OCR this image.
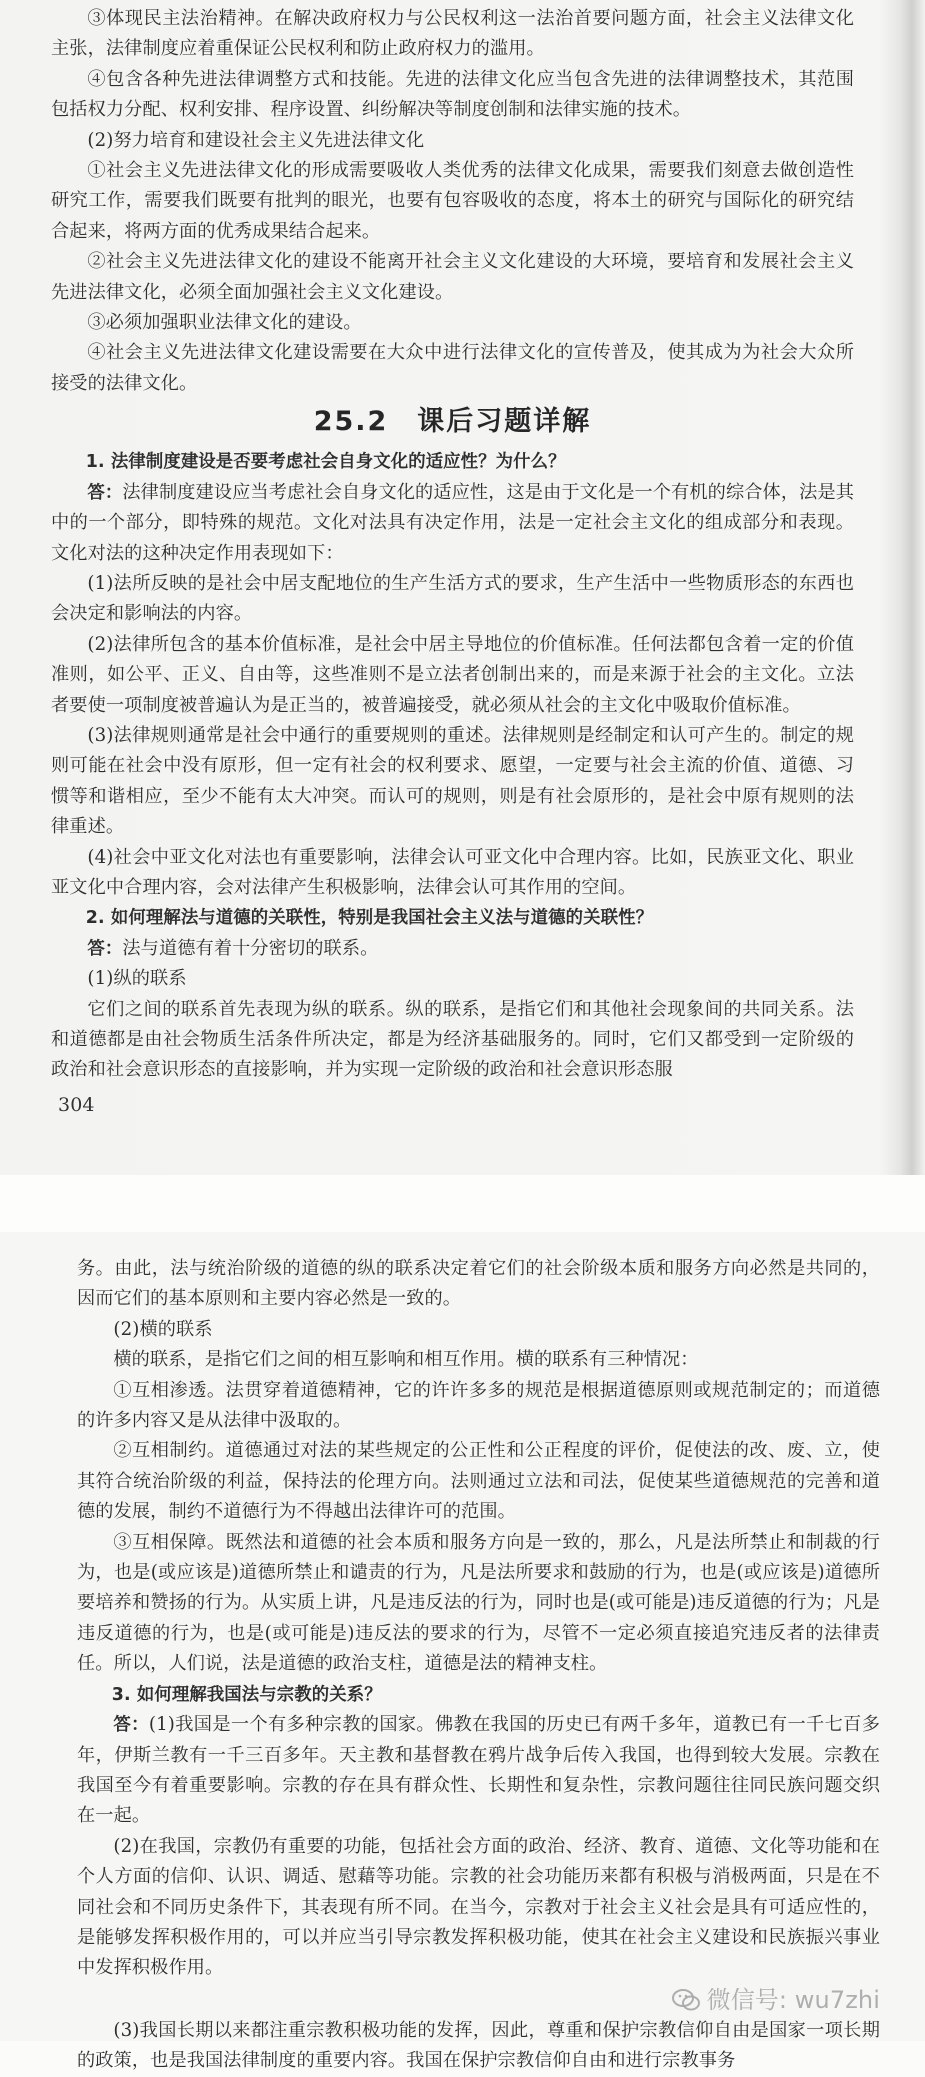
③体现民主法治精神。在解决政府权力与公民权利这一法治首要问题方面，社会主义法律文化主张，法律制度应着重保证公民权利和防止政府权力的滥用。

④包含各种先进法律调整方式和技能。先进的法律文化应当包含先进的法律调整技术，其范围包括权力分配、权利安排、程序设置、纠纷解决等制度创制和法律实施的技术。

(2)努力培育和建设社会主义先进法律文化

①社会主义先进法律文化的形成需要吸收人类优秀的法律文化成果，需要我们刻意去做创造性研究工作，需要我们既要有批判的眼光，也要有包容吸收的态度，将本土的研究与国际化的研究结合起来，将两方面的优秀成果结合起来。

②社会主义先进法律文化的建设不能离开社会主义文化建设的大环境，要培育和发展社会主义先进法律文化，必须全面加强社会主义文化建设。

③必须加强职业法律文化的建设。

④社会主义先进法律文化建设需要在大众中进行法律文化的宣传普及，使其成为为社会大众所接受的法律文化。

25.2　课后习题详解

1. 法律制度建设是否要考虑社会自身文化的适应性？为什么？

答：法律制度建设应当考虑社会自身文化的适应性，这是由于文化是一个有机的综合体，法是其中的一个部分，即特殊的规范。文化对法具有决定作用，法是一定社会主文化的组成部分和表现。文化对法的这种决定作用表现如下：

(1)法所反映的是社会中居支配地位的生产生活方式的要求，生产生活中一些物质形态的东西也会决定和影响法的内容。

(2)法律所包含的基本价值标准，是社会中居主导地位的价值标准。任何法都包含着一定的价值准则，如公平、正义、自由等，这些准则不是立法者创制出来的，而是来源于社会的主文化。立法者要使一项制度被普遍认为是正当的，被普遍接受，就必须从社会的主文化中吸取价值标准。

(3)法律规则通常是社会中通行的重要规则的重述。法律规则是经制定和认可产生的。制定的规则可能在社会中没有原形，但一定有社会的权利要求、愿望，一定要与社会主流的价值、道德、习惯等和谐相应，至少不能有太大冲突。而认可的规则，则是有社会原形的，是社会中原有规则的法律重述。

(4)社会中亚文化对法也有重要影响，法律会认可亚文化中合理内容。比如，民族亚文化、职业亚文化中合理内容，会对法律产生积极影响，法律会认可其作用的空间。

2. 如何理解法与道德的关联性，特别是我国社会主义法与道德的关联性？

答：法与道德有着十分密切的联系。

(1)纵的联系

它们之间的联系首先表现为纵的联系。纵的联系，是指它们和其他社会现象间的共同关系。法和道德都是由社会物质生活条件所决定，都是为经济基础服务的。同时，它们又都受到一定阶级的政治和社会意识形态的直接影响，并为实现一定阶级的政治和社会意识形态服

304

务。由此，法与统治阶级的道德的纵的联系决定着它们的社会阶级本质和服务方向必然是共同的，因而它们的基本原则和主要内容必然是一致的。

(2)横的联系

横的联系，是指它们之间的相互影响和相互作用。横的联系有三种情况：

①互相渗透。法贯穿着道德精神，它的许许多多的规范是根据道德原则或规范制定的；而道德的许多内容又是从法律中汲取的。

②互相制约。道德通过对法的某些规定的公正性和公正程度的评价，促使法的改、废、立，使其符合统治阶级的利益，保持法的伦理方向。法则通过立法和司法，促使某些道德规范的完善和道德的发展，制约不道德行为不得越出法律许可的范围。

③互相保障。既然法和道德的社会本质和服务方向是一致的，那么，凡是法所禁止和制裁的行为，也是(或应该是)道德所禁止和谴责的行为，凡是法所要求和鼓励的行为，也是(或应该是)道德所要培养和赞扬的行为。从实质上讲，凡是违反法的行为，同时也是(或可能是)违反道德的行为；凡是违反道德的行为，也是(或可能是)违反法的要求的行为，尽管不一定必须直接追究违反者的法律责任。所以，人们说，法是道德的政治支柱，道德是法的精神支柱。

3. 如何理解我国法与宗教的关系？

答：(1)我国是一个有多种宗教的国家。佛教在我国的历史已有两千多年，道教已有一千七百多年，伊斯兰教有一千三百多年。天主教和基督教在鸦片战争后传入我国，也得到较大发展。宗教在我国至今有着重要影响。宗教的存在具有群众性、长期性和复杂性，宗教问题往往同民族问题交织在一起。

(2)在我国，宗教仍有重要的功能，包括社会方面的政治、经济、教育、道德、文化等功能和在个人方面的信仰、认识、调适、慰藉等功能。宗教的社会功能历来都有积极与消极两面，只是在不同社会和不同历史条件下，其表现有所不同。在当今，宗教对于社会主义社会是具有可适应性的，是能够发挥积极作用的，可以并应当引导宗教发挥积极功能，使其在社会主义建设和民族振兴事业中发挥积极作用。

微信号: wu7zhi

(3)我国长期以来都注重宗教积极功能的发挥，因此，尊重和保护宗教信仰自由是国家一项长期的政策，也是我国法律制度的重要内容。我国在保护宗教信仰自由和进行宗教事务
